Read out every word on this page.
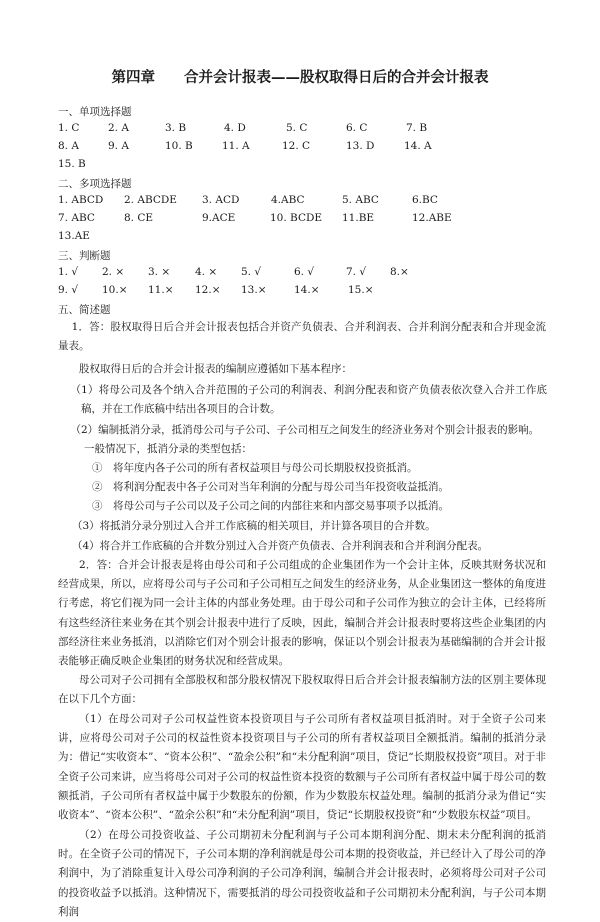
第四章　　合并会计报表——股权取得日后的合并会计报表
一、单项选择题
1. C	2. A	3. B	4. D	5. C	6. C	7. B
8. A	9. A	10. B	11. A	12. C	13. D	14. A
15. B
二、多项选择题
1. ABCD 2. ABCDE 3. ACD	4.ABC	5. ABC	6.BC
7. ABC	8. CE	9.ACE	10. BCDE 11.BE	12.ABE
13.AE
三、判断题
1. √ 2. × 3. × 4. × 5. √	6. √	7. √ 8.×
9. √ 10.× 11.× 12.× 13.×	14.×	15.×
五、简述题
1．答：股权取得日后合并会计报表包括合并资产负债表、合并利润表、合并利润分配表和合并现金流量表。
股权取得日后的合并会计报表的编制应遵循如下基本程序：
（1）将母公司及各个纳入合并范围的子公司的利润表、利润分配表和资产负债表依次登入合并工作底稿，并在工作底稿中结出各项目的合计数。
（2）编制抵消分录，抵消母公司与子公司、子公司相互之间发生的经济业务对个别会计报表的影响。
一般情况下，抵消分录的类型包括：
①　将年度内各子公司的所有者权益项目与母公司长期股权投资抵消。
②　将利润分配表中各子公司对当年利润的分配与母公司当年投资收益抵消。
③　将母公司与子公司以及子公司之间的内部往来和内部交易事项予以抵消。
（3）将抵消分录分别过入合并工作底稿的相关项目，并计算各项目的合并数。
（4）将合并工作底稿的合并数分别过入合并资产负债表、合并利润表和合并利润分配表。
2．答：合并会计报表是将由母公司和子公司组成的企业集团作为一个会计主体，反映其财务状况和经营成果，所以，应将母公司与子公司和子公司相互之间发生的经济业务，从企业集团这一整体的角度进行考虑，将它们视为同一会计主体的内部业务处理。由于母公司和子公司作为独立的会计主体，已经将所有这些经济往来业务在其个别会计报表中进行了反映，因此，编制合并会计报表时要将这些企业集团的内部经济往来业务抵消，以消除它们对个别会计报表的影响，保证以个别会计报表为基础编制的合并会计报表能够正确反映企业集团的财务状况和经营成果。
母公司对子公司拥有全部股权和部分股权情况下股权取得日后合并会计报表编制方法的区别主要体现在以下几个方面：
（1）在母公司对子公司权益性资本投资项目与子公司所有者权益项目抵消时。对于全资子公司来讲，应将母公司对子公司的权益性资本投资项目与子公司的所有者权益项目全额抵消。编制的抵消分录为：借记“实收资本”、“资本公积”、“盈余公积”和“未分配利润”项目，贷记“长期股权投资”项目。对于非全资子公司来讲，应当将母公司对子公司的权益性资本投资的数额与子公司所有者权益中属于母公司的数额抵消，子公司所有者权益中属于少数股东的份额，作为少数股东权益处理。编制的抵消分录为借记“实收资本”、“资本公积”、“盈余公积”和“未分配利润”项目，贷记“长期股权投资”和“少数股东权益”项目。
（2）在母公司投资收益、子公司期初未分配利润与子公司本期利润分配、期末未分配利润的抵消时。在全资子公司的情况下，子公司本期的净利润就是母公司本期的投资收益，并已经计入了母公司的净利润中，为了消除重复计入母公司净利润的子公司净利润，编制合并会计报表时，必须将母公司对子公司的投资收益予以抵消。这种情况下，需要抵消的母公司投资收益和子公司期初未分配利润，与子公司本期利润
